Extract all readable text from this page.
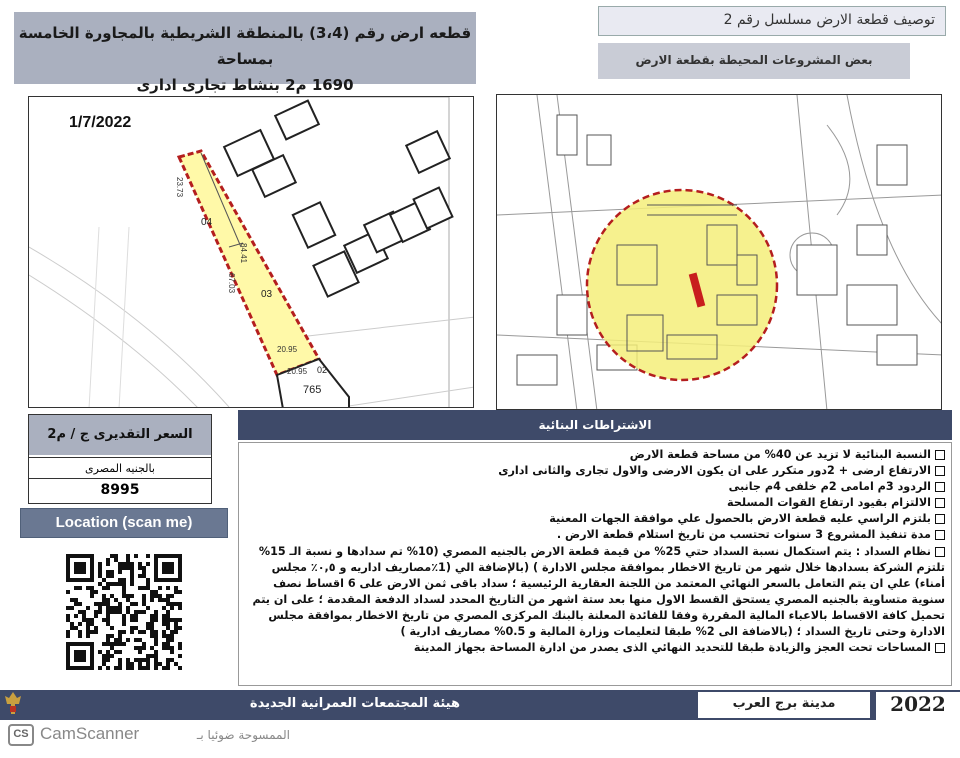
قطعه ارض رقم (3،4) بالمنطقة الشريطية بالمجاورة الخامسة بمساحة
1690 م2 بنشاط تجارى ادارى
توصيف قطعة الارض مسلسل رقم 2
بعض المشروعات المحيطة بقطعة الارض
1/7/2022
04
03
02
765
23.73
84.41
67.03
20.95
20.95
السعر التقديرى ج / م2
بالجنيه المصرى
8995
Location (scan me)
الاشتراطات البنائية
النسبة البنائية لا تزيد عن 40% من مساحة قطعة الارض
الارتفاع ارضى + 2دور متكرر على ان يكون الارضى والاول تجارى والثانى ادارى
الردود 3م امامى 2م خلفى 4م جانبى
الالتزام بقيود ارتفاع القوات المسلحة
بلتزم الراسي عليه قطعة الارض بالحصول علي موافقة الجهات المعنية
مدة تنفيذ المشروع 3 سنوات تحتسب من تاريخ استلام قطعة الارض .
نظام السداد : يتم استكمال نسبة السداد حتي 25% من قيمة قطعة الارض بالجنيه المصري (10% تم سدادها و نسبة الـ 15% تلتزم الشركة بسدادها خلال شهر من تاريخ الاخطار بموافقة مجلس الادارة ) (بالإضافة الي (1٪مصاريف اداريه و ٠,٥٪ مجلس أمناء) علي ان يتم التعامل بالسعر النهائي المعتمد من اللجنة العقارية الرئيسية ؛ سداد باقى ثمن الارض على 6 اقساط نصف سنوية متساوية بالجنيه المصري يستحق القسط الاول منها بعد ستة اشهر من التاريخ المحدد لسداد الدفعة المقدمة ؛ على ان يتم تحميل كافة الاقساط بالاعباء المالية المقررة وفقا للفائدة المعلنة بالبنك المركزى المصري من تاريخ الاخطار بموافقة مجلس الادارة وحتى تاريخ السداد ؛ (بالاضافة الى 2% طبقا لتعليمات وزارة المالية و 0.5% مصاريف ادارية )
المساحات تحت العجز والزيادة طبقا للتحديد النهائي الذى يصدر من ادارة المساحة بجهاز المدينة
2022
مدينة برج العرب
هيئة المجتمعات العمرانية الجديدة
CS CamScanner	الممسوحة ضوئيا بـ
